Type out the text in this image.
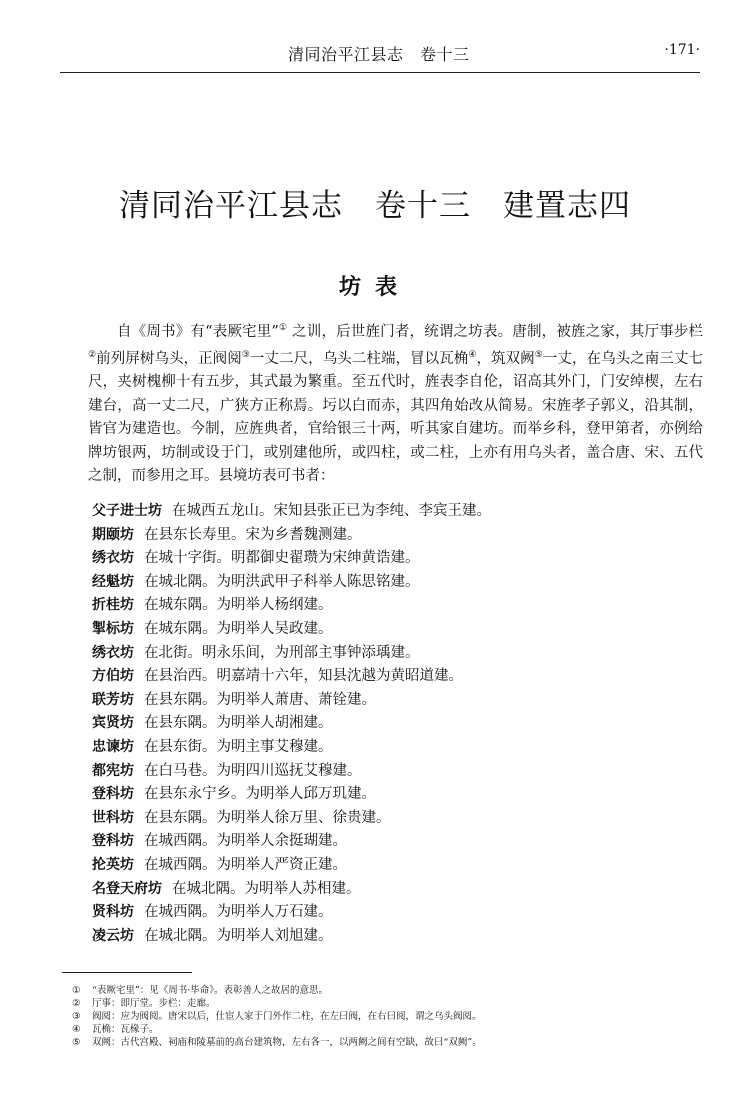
清同治平江县志　卷十三	·171·
清同治平江县志　卷十三　建置志四
坊表

自《周书》有“表厥宅里”① 之训，后世旌门者，统谓之坊表。唐制，被旌之家，其厅事步栏②前列屏树乌头，正阀阅③一丈二尺，乌头二柱端，冒以瓦桷④，筑双阙⑤一丈，在乌头之南三丈七尺，夹树槐柳十有五步，其式最为繁重。至五代时，旌表李自伦，诏高其外门，门安绰楔，左右建台，高一丈二尺，广狭方正称焉。圬以白而赤，其四角始改从简易。宋旌孝子郭义，沿其制，皆官为建造也。今制，应旌典者，官给银三十两，听其家自建坊。而举乡科，登甲第者，亦例给牌坊银两，坊制或设于门，或别建他所，或四柱，或二柱，上亦有用乌头者，盖合唐、宋、五代之制，而参用之耳。县境坊表可书者：

父子进士坊 在城西五龙山。宋知县张正已为李纯、李宾王建。
期颐坊 在县东长寿里。宋为乡耆魏测建。
绣衣坊 在城十字街。明都御史翟瓒为宋绅黄诰建。
经魁坊 在城北隅。为明洪武甲子科举人陈思铭建。
折桂坊 在城东隅。为明举人杨纲建。
掣标坊 在城东隅。为明举人吴政建。
绣衣坊 在北街。明永乐间，为刑部主事钟添瑀建。
方伯坊 在县治西。明嘉靖十六年，知县沈越为黄昭道建。
联芳坊 在县东隅。为明举人萧唐、萧铨建。
宾贤坊 在县东隅。为明举人胡湘建。
忠谏坊 在县东街。为明主事艾穆建。
都宪坊 在白马巷。为明四川巡抚艾穆建。
登科坊 在县东永宁乡。为明举人邱万玑建。
世科坊 在县东隅。为明举人徐万里、徐贵建。
登科坊 在城西隅。为明举人余挺瑚建。
抡英坊 在城西隅。为明举人严资正建。
名登天府坊 在城北隅。为明举人苏相建。
贤科坊 在城西隅。为明举人万石建。
凌云坊 在城北隅。为明举人刘旭建。
① “表厥宅里”：见《周书·毕命》。表彰善人之故居的意思。
② 厅事：即厅堂。步栏：走廊。
③ 阀阅：应为阀阅。唐宋以后，仕宦人家于门外作二柱，在左曰阀，在右曰阅，谓之乌头阀阅。
④ 瓦桷：瓦椽子。
⑤ 双阙：古代宫殿、祠庙和陵墓前的高台建筑物，左右各一，以两阙之间有空缺，故曰“双阙”。
